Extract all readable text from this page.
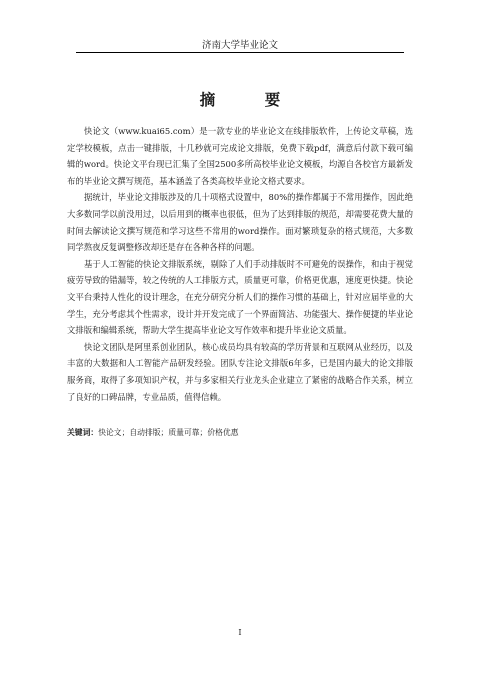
济南大学毕业论文
摘 要

快论文（www.kuai65.com）是一款专业的毕业论文在线排版软件，上传论文草稿，选定学校模板，点击一键排版，十几秒就可完成论文排版，免费下载pdf，满意后付款下载可编辑的word。快论文平台现已汇集了全国2500多所高校毕业论文模板，均源自各校官方最新发布的毕业论文撰写规范，基本涵盖了各类高校毕业论文格式要求。

据统计，毕业论文排版涉及的几十项格式设置中，80%的操作都属于不常用操作，因此绝大多数同学以前没用过，以后用到的概率也很低，但为了达到排版的规范，却需要花费大量的时间去解读论文撰写规范和学习这些不常用的word操作。面对繁琐复杂的格式规范，大多数同学熬夜反复调整修改却还是存在各种各样的问题。

基于人工智能的快论文排版系统，剔除了人们手动排版时不可避免的误操作，和由于视觉疲劳导致的错漏等，较之传统的人工排版方式，质量更可靠，价格更优惠，速度更快捷。快论文平台秉持人性化的设计理念，在充分研究分析人们的操作习惯的基础上，针对应届毕业的大学生，充分考虑其个性需求，设计并开发完成了一个界面简洁、功能强大、操作便捷的毕业论文排版和编辑系统，帮助大学生提高毕业论文写作效率和提升毕业论文质量。

快论文团队是阿里系创业团队，核心成员均具有较高的学历背景和互联网从业经历，以及丰富的大数据和人工智能产品研发经验。团队专注论文排版6年多，已是国内最大的论文排版服务商，取得了多项知识产权，并与多家相关行业龙头企业建立了紧密的战略合作关系，树立了良好的口碑品牌，专业品质，值得信赖。

关键词：快论文；自动排版；质量可靠；价格优惠
I
